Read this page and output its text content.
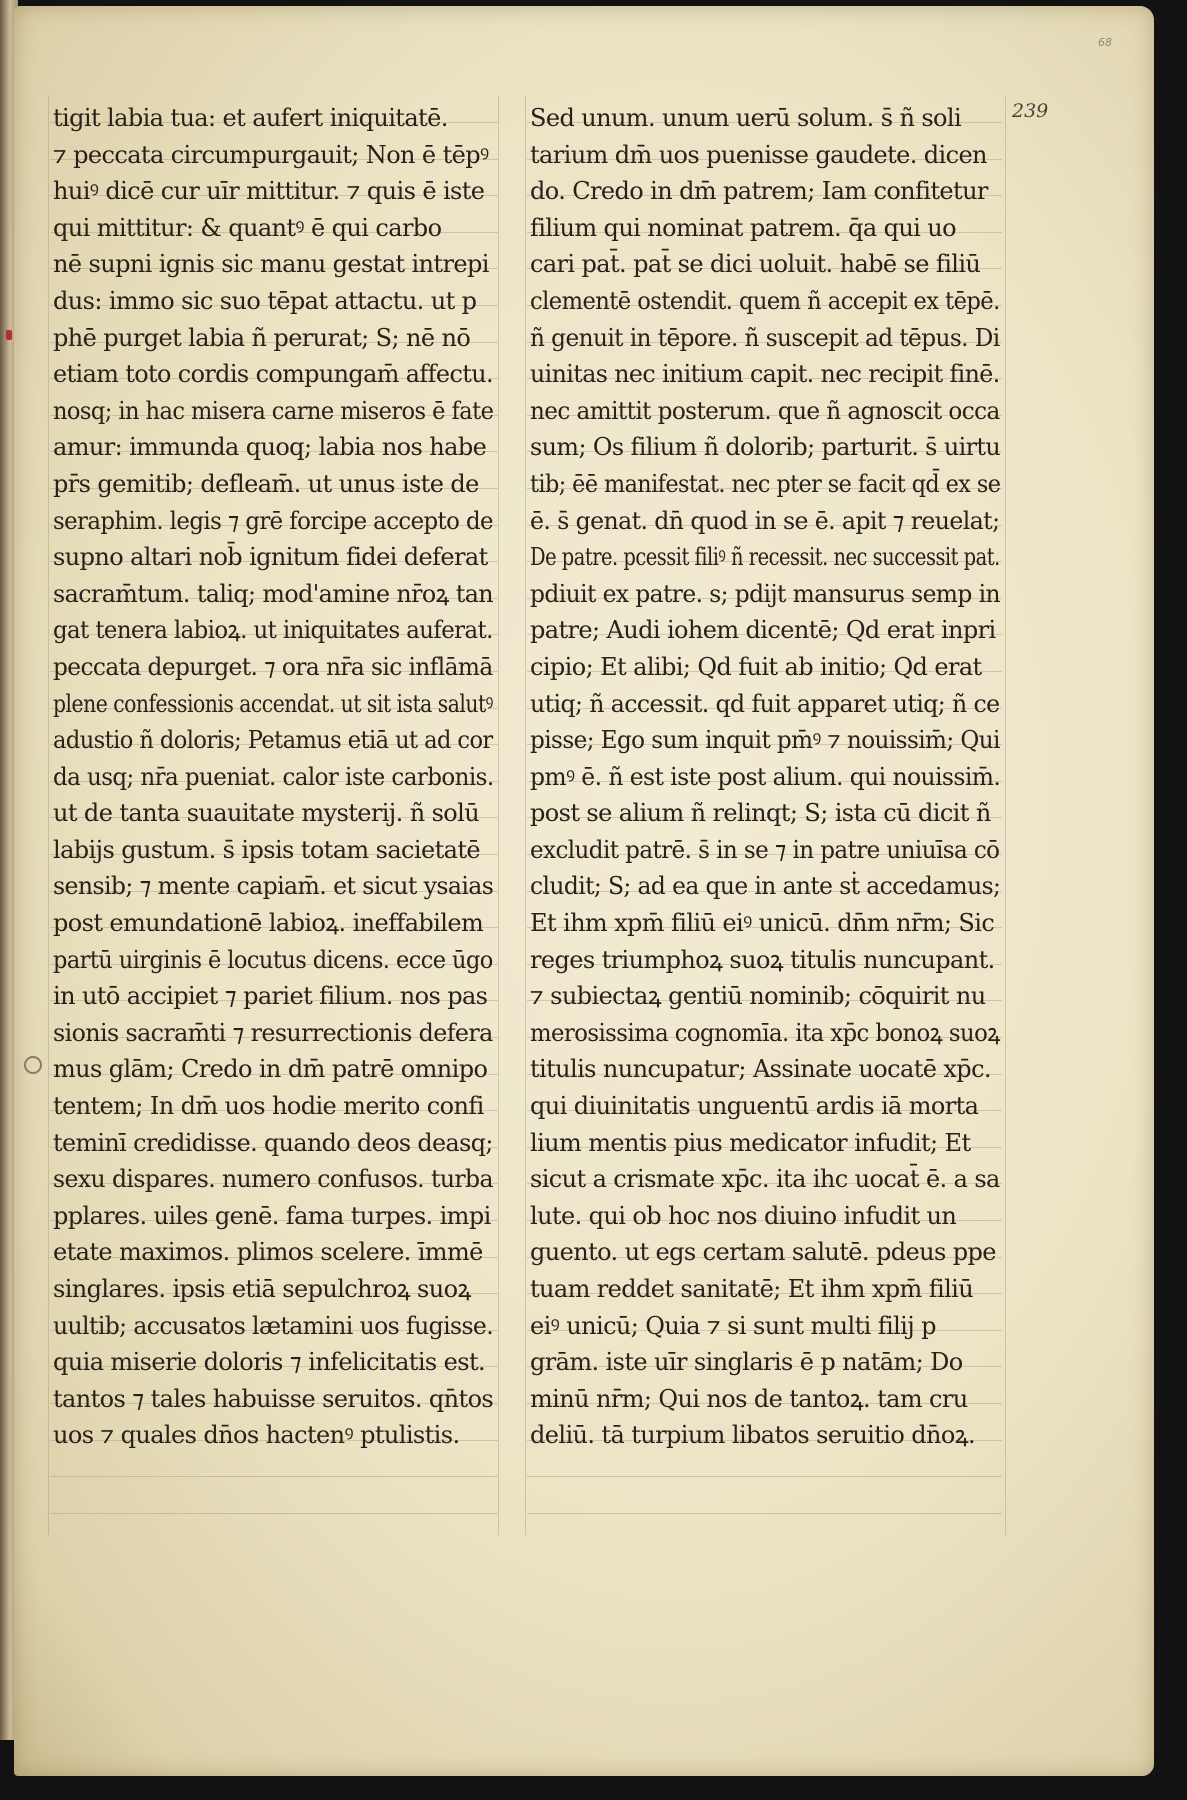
68
239
tigit labia tua: et aufert iniquitatē.
⁊ peccata circumpurgauit; Non ē tēpꝰ
huiꝰ dicē cur uīr mittitur. ⁊ quis ē iste
qui mittitur: & quantꝰ ē qui carbo
nē supni ignis sic manu gestat intrepi
dus: immo sic suo tēpat attactu. ut p
phē purget labia ñ perurat; S; nē nō
etiam toto cordis compungam̄ affectu.
nosq; in hac misera carne miseros ē fate
amur: immunda quoq; labia nos habe
pr̄s gemitib; defleam̄. ut unus iste de
seraphim. legis ⁊ grē forcipe accepto de
supno altari nob̄ ignitum fidei deferat
sacram̄tum. taliq; mod'amine nr̄oꝝ tan
gat tenera labioꝝ. ut iniquitates auferat.
peccata depurget. ⁊ ora nr̄a sic inflāmā
plene confessionis accendat. ut sit ista salutꝰ
adustio ñ doloris; Petamus etiā ut ad cor
da usq; nr̄a pueniat. calor iste carbonis.
ut de tanta suauitate mysterij. ñ solū
labijs gustum. s̄ ipsis totam sacietatē
sensib; ⁊ mente capiam̄. et sicut ysaias
post emundationē labioꝝ. ineffabilem
partū uirginis ē locutus dicens. ecce ūgo
in utō accipiet ⁊ pariet filium. nos pas
sionis sacram̄ti ⁊ resurrectionis defera
mus glām; Credo in dm̄ patrē omnipo
tentem; In dm̄ uos hodie merito confi
teminī credidisse. quando deos deasq;
sexu dispares. numero confusos. turba
pplares. uiles genē. fama turpes. impi
etate maximos. plimos scelere. īmmē
singlares. ipsis etiā sepulchroꝝ suoꝝ
uultib; accusatos lætamini uos fugisse.
quia miserie doloris ⁊ infelicitatis est.
tantos ⁊ tales habuisse seruitos. qn̄tos
uos ⁊ quales dn̄os hactenꝰ ptulistis.
Sed unum. unum uerū solum. s̄ ñ soli
tarium dm̄ uos puenisse gaudete. dicen
do. Credo in dm̄ patrem; Iam confitetur
filium qui nominat patrem. q̄a qui uo
cari pat̄. pat̄ se dici uoluit. habē se filiū
clementē ostendit. quem ñ accepit ex tēpē.
ñ genuit in tēpore. ñ suscepit ad tēpus. Di
uinitas nec initium capit. nec recipit finē.
nec amittit posterum. que ñ agnoscit occa
sum; Os filium ñ dolorib; parturit. s̄ uirtu
tib; ēē manifestat. nec pter se facit qd̄ ex se
ē. s̄ genat. dn̄ quod in se ē. apit ⁊ reuelat;
De patre. pcessit filiꝰ ñ recessit. nec successit pat.
pdiuit ex patre. s; pdijt mansurus semp in
patre; Audi iohem dicentē; Qd erat inpri
cipio; Et alibi; Qd fuit ab initio; Qd erat
utiq; ñ accessit. qd fuit apparet utiq; ñ ce
pisse; Ego sum inquit pm̄ꝰ ⁊ nouissim̄; Qui
pmꝰ ē. ñ est iste post alium. qui nouissim̄.
post se alium ñ relinqt; S; ista cū dicit ñ
excludit patrē. s̄ in se ⁊ in patre uniuīsa cō
cludit; S; ad ea que in ante sṫ accedamus;
Et ihm xpm̄ filiū eiꝰ unicū. dn̄m nr̄m; Sic
reges triumphoꝝ suoꝝ titulis nuncupant.
⁊ subiectaꝝ gentiū nominib; cōquirit nu
merosissima cognomīa. ita xp̄c bonoꝝ suoꝝ
titulis nuncupatur; Assinate uocatē xp̄c.
qui diuinitatis unguentū ardis iā morta
lium mentis pius medicator infudit; Et
sicut a crismate xp̄c. ita ihc uocat̄ ē. a sa
lute. qui ob hoc nos diuino infudit un
guento. ut egs certam salutē. pdeus ppe
tuam reddet sanitatē; Et ihm xpm̄ filiū
eiꝰ unicū; Quia ⁊ si sunt multi filij p
grām. iste uīr singlaris ē p natām; Do
minū nr̄m; Qui nos de tantoꝝ. tam cru
deliū. tā turpium libatos seruitio dn̄oꝝ.
